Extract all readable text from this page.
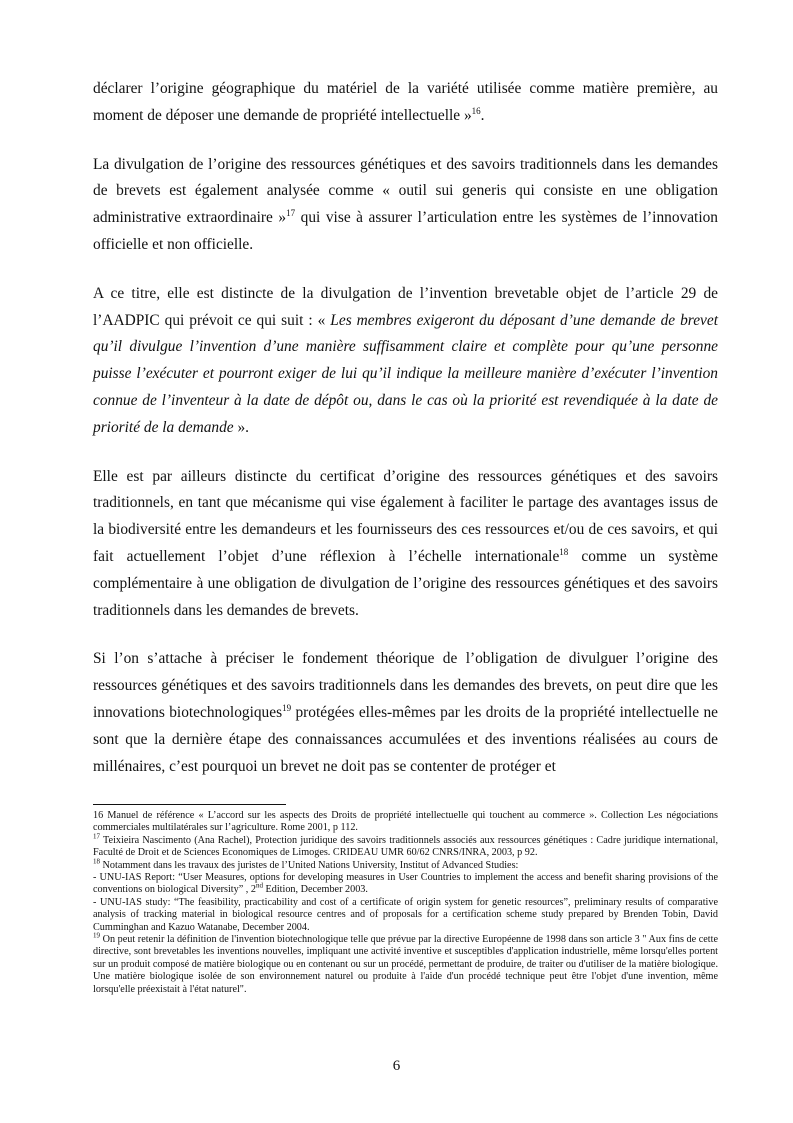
déclarer l’origine géographique du matériel de la variété utilisée comme matière première, au moment de déposer une demande de propriété intellectuelle »$^{16}$.

La divulgation de l’origine des ressources génétiques et des savoirs traditionnels dans les demandes de brevets est également analysée comme « outil sui generis qui consiste en une obligation administrative extraordinaire »$^{17}$ qui vise à assurer l’articulation entre les systèmes de l’innovation officielle et non officielle.

A ce titre, elle est distincte de la divulgation de l’invention brevetable objet de l’article 29 de l’AADPIC qui prévoit ce qui suit : « Les membres exigeront du déposant d’une demande de brevet qu’il divulgue l’invention d’une manière suffisamment claire et complète pour qu’une personne puisse l’exécuter et pourront exiger de lui qu’il indique la meilleure manière d’exécuter l’invention connue de l’inventeur à la date de dépôt ou, dans le cas où la priorité est revendiquée à la date de priorité de la demande ».

Elle est par ailleurs distincte du certificat d’origine des ressources génétiques et des savoirs traditionnels, en tant que mécanisme qui vise également à faciliter le partage des avantages issus de la biodiversité entre les demandeurs et les fournisseurs des ces ressources et/ou de ces savoirs, et qui fait actuellement l’objet d’une réflexion à l’échelle internationale$^{18}$ comme un système complémentaire à une obligation de divulgation de l’origine des ressources génétiques et des savoirs traditionnels dans les demandes de brevets.

Si l’on s’attache à préciser le fondement théorique de l’obligation de divulguer l’origine des ressources génétiques et des savoirs traditionnels dans les demandes des brevets, on peut dire que les innovations biotechnologiques$^{19}$ protégées elles-mêmes par les droits de la propriété intellectuelle ne sont que la dernière étape des connaissances accumulées et des inventions réalisées au cours de millénaires, c’est pourquoi un brevet ne doit pas se contenter de protéger et

16 Manuel de référence « L’accord sur les aspects des Droits de propriété intellectuelle qui touchent au commerce ». Collection Les négociations commerciales multilatérales sur l’agriculture. Rome 2001, p 112.

$^{17}$ Teixieira Nascimento (Ana Rachel), Protection juridique des savoirs traditionnels associés aux ressources génétiques : Cadre juridique international, Faculté de Droit et de Sciences Economiques de Limoges. CRIDEAU UMR 60/62 CNRS/INRA, 2003, p 92.

$^{18}$ Notamment dans les travaux des juristes de l’United Nations University, Institut of Advanced Studies:

- UNU-IAS Report: “User Measures, options for developing measures in User Countries to implement the access and benefit sharing provisions of the conventions on biological Diversity” , 2nd Edition, December 2003.

- UNU-IAS study: “The feasibility, practicability and cost of a certificate of origin system for genetic resources”, preliminary results of comparative analysis of tracking material in biological resource centres and of proposals for a certification scheme study prepared by Brenden Tobin, David Cumminghan and Kazuo Watanabe, December 2004.

$^{19}$ On peut retenir la définition de l'invention biotechnologique telle que prévue par la directive Européenne de 1998 dans son article 3 " Aux fins de cette directive, sont brevetables les inventions nouvelles, impliquant une activité inventive et susceptibles d'application industrielle, même lorsqu'elles portent sur un produit composé de matière biologique ou en contenant ou sur un procédé, permettant de produire, de traiter ou d'utiliser de la matière biologique. Une matière biologique isolée de son environnement naturel ou produite à l'aide d'un procédé technique peut être l'objet d'une invention, même lorsqu'elle préexistait à l'état naturel".

6
